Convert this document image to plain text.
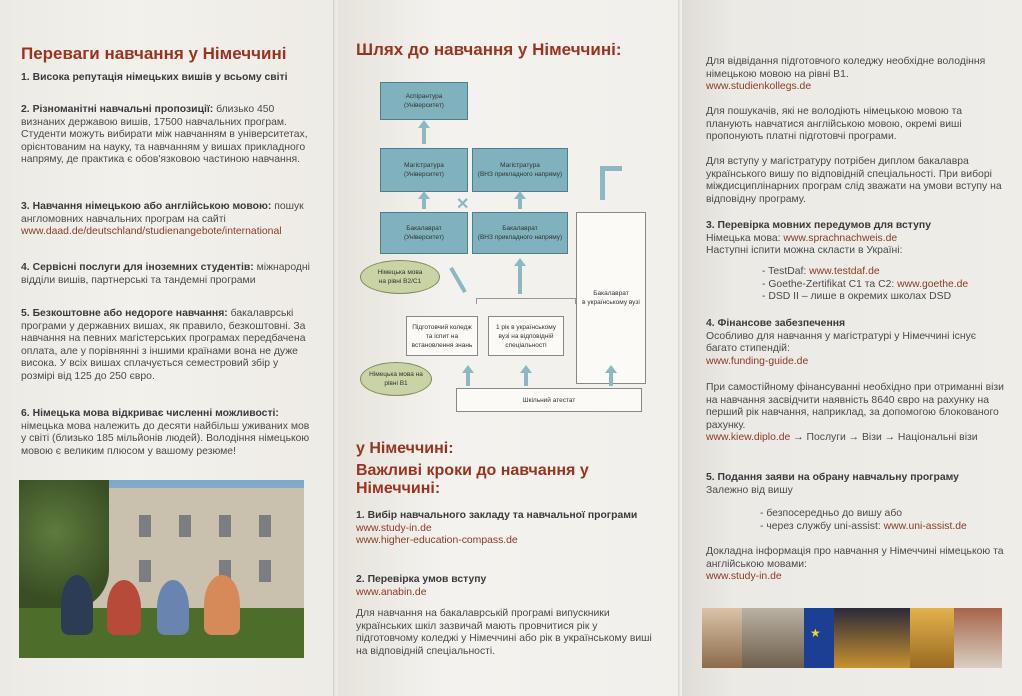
Переваги навчання у Німеччині
1. Висока репутація німецьких вишів у всьому світі
2. Різноманітні навчальні пропозиції: близько 450 визнаних державою вишів, 17500 навчальних програм. Студенти можуть вибирати між навчанням в університетах, орієнтованим на науку, та навчанням у вишах прикладного напряму, де практика є обов'язковою частиною навчання.
3. Навчання німецькою або англійською мовою: пошук англомовних навчальних програм на сайті www.daad.de/deutschland/studienangebote/international
4. Сервісні послуги для іноземних студентів: міжнародні відділи вишів, партнерські та тандемні програми
5. Безкоштовне або недороге навчання: бакалаврські програми у державних вишах, як правило, безкоштовні. За навчання на певних магістерських програмах передбачена оплата, але у порівнянні з іншими країнами вона не дуже висока. У всіх вишах сплачується семестровий збір у розмірі від 125 до 250 євро.
6. Німецька мова відкриває численні можливості: німецька мова належить до десяти найбільш уживаних мов у світі (близько 185 мільйонів людей). Володіння німецькою мовою є великим плюсом у вашому резюме!
Шлях до навчання у Німеччині:
Аспірантура
(Університет)
Магістратура
(Університет)
Магістратура
(ВНЗ прикладного напряму)
Бакалаврат
(Університет)
Бакалаврат
(ВНЗ прикладного напряму)
Бакалаврат
в українському вузі
Німецька мова
на рівні В2/С1
Підготовчий коледж
та іспит на
встановлення знань
1 рік в українському
вузі на відповідній
спеціальності
Німецька мова на
рівні В1
Шкільний атестат
✕
у Німеччині:
Важливі кроки до навчання у Німеччині:
1. Вибір навчального закладу та навчальної програми
www.study-in.de
www.higher-education-compass.de
2. Перевірка умов вступу
www.anabin.de
Для навчання на бакалаврській програмі випускники українських шкіл зазвичай мають провчитися рік у підготовчому коледжі у Німеччині або рік в українському виші на відповідній спеціальності.
Для відвідання підготовчого коледжу необхідне володіння німецькою мовою на рівні В1.
www.studienkollegs.de
Для пошукачів, які не володіють німецькою мовою та планують навчатися англійською мовою, окремі виші пропонують платні підготовчі програми.
Для вступу у магістратуру потрібен диплом бакалавра українського вишу по відповідній спеціальності. При виборі міждисциплінарних програм слід зважати на умови вступу на відповідну програму.
3. Перевірка мовних передумов для вступу
Німецька мова: www.sprachnachweis.de
Наступні іспити можна скласти в Україні:
- TestDaf: www.testdaf.de
- Goethe-Zertifikat C1 та C2: www.goethe.de
- DSD II – лише в окремих школах DSD
4. Фінансове забезпечення
Особливо для навчання у магістратурі у Німеччині існує багато стипендій:
www.funding-guide.de
При самостійному фінансуванні необхідно при отриманні візи на навчання засвідчити наявність 8640 євро на рахунку на перший рік навчання, наприклад, за допомогою блокованого рахунку.
www.kiew.diplo.de → Послуги → Візи → Національні візи
5. Подання заяви на обрану навчальну програму
Залежно від вишу
- безпосередньо до вишу або
- через службу uni-assist: www.uni-assist.de
Докладна інформація про навчання у Німеччині німецькою та англійською мовами:
www.study-in.de
★
